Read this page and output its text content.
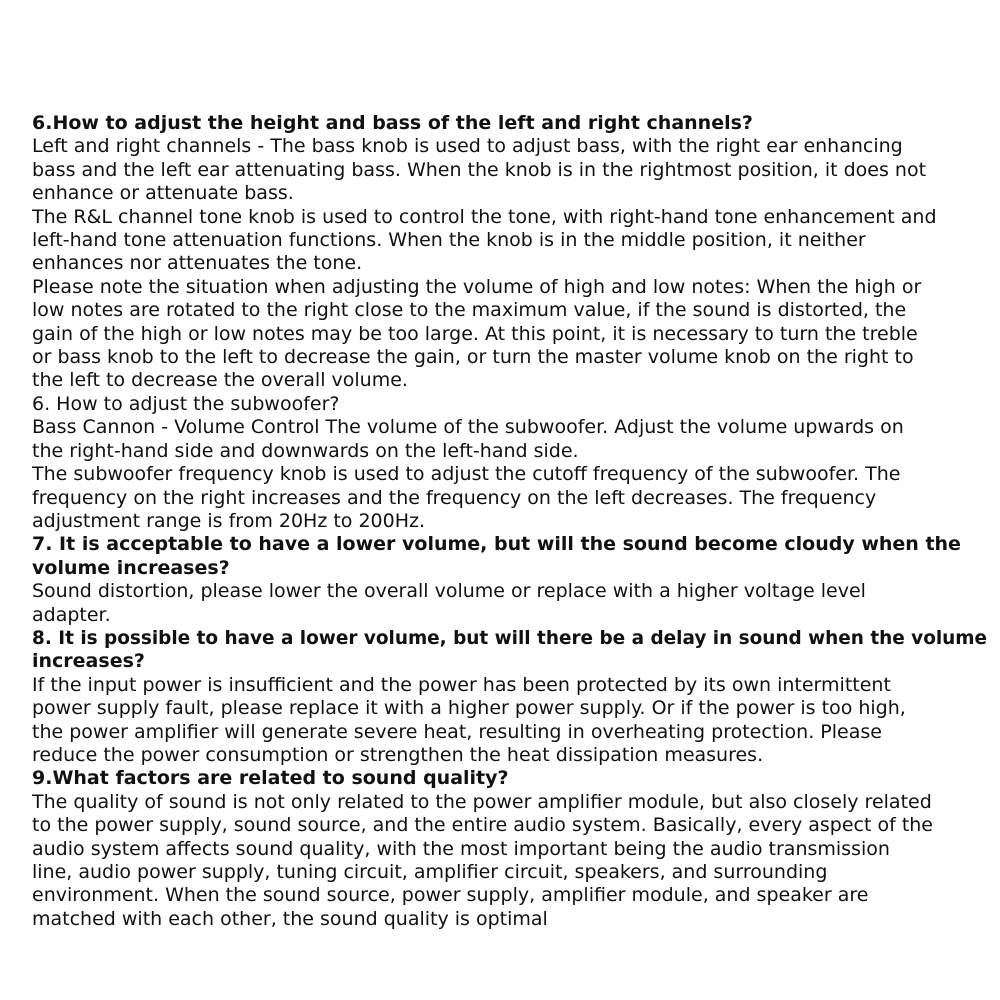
6.How to adjust the height and bass of the left and right channels?
Left and right channels - The bass knob is used to adjust bass, with the right ear enhancing
bass and the left ear attenuating bass. When the knob is in the rightmost position, it does not
enhance or attenuate bass.
The R&L channel tone knob is used to control the tone, with right-hand tone enhancement and
left-hand tone attenuation functions. When the knob is in the middle position, it neither
enhances nor attenuates the tone.
Please note the situation when adjusting the volume of high and low notes: When the high or
low notes are rotated to the right close to the maximum value, if the sound is distorted, the
gain of the high or low notes may be too large. At this point, it is necessary to turn the treble
or bass knob to the left to decrease the gain, or turn the master volume knob on the right to
the left to decrease the overall volume.
6. How to adjust the subwoofer?
Bass Cannon - Volume Control The volume of the subwoofer. Adjust the volume upwards on
the right-hand side and downwards on the left-hand side.
The subwoofer frequency knob is used to adjust the cutoff frequency of the subwoofer. The
frequency on the right increases and the frequency on the left decreases. The frequency
adjustment range is from 20Hz to 200Hz.
7. It is acceptable to have a lower volume, but will the sound become cloudy when the
volume increases?
Sound distortion, please lower the overall volume or replace with a higher voltage level
adapter.
8. It is possible to have a lower volume, but will there be a delay in sound when the volume
increases?
If the input power is insufficient and the power has been protected by its own intermittent
power supply fault, please replace it with a higher power supply. Or if the power is too high,
the power amplifier will generate severe heat, resulting in overheating protection. Please
reduce the power consumption or strengthen the heat dissipation measures.
9.What factors are related to sound quality?
The quality of sound is not only related to the power amplifier module, but also closely related
to the power supply, sound source, and the entire audio system. Basically, every aspect of the
audio system affects sound quality, with the most important being the audio transmission
line, audio power supply, tuning circuit, amplifier circuit, speakers, and surrounding
environment. When the sound source, power supply, amplifier module, and speaker are
matched with each other, the sound quality is optimal
